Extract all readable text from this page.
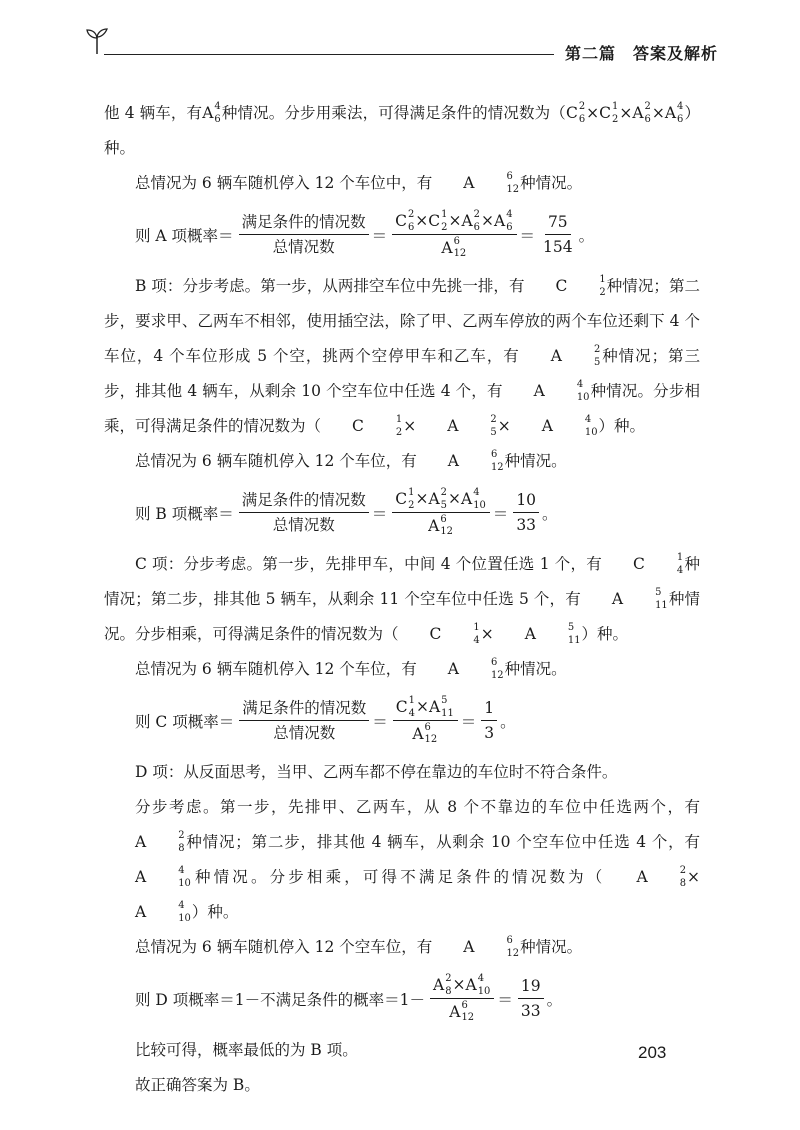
第二篇　答案及解析

他 4 辆车，有 A 4
6 种情况。分步用乘法，可得满足条件的情况数为（ C 2
6 × C 1
2 × A 2
6 × A 4
6 ）种。

总情况为 6 辆车随机停入 12 个车位中，有	A	6
12 种情况。

则 A 项概率＝ $\frac{\text{满足条件的情况数}}{\text{总情况数}} = C$ 2
6 × C 1
2 × A 2
6 × A 4
6
A 6
$12 = \frac{75}{154}$ 。

B 项：分步考虑。第一步，从两排空车位中先挑一排，有	C	1
2 种情况；第二步，要求甲、乙两车不相邻，使用插空法，除了甲、乙两车停放的两个车位还剩下 4 个车位，4 个车位形成 5 个空，挑两个空停甲车和乙车，有	A	2
5 种情况；第三步，排其他 4 辆车，从剩余 10 个空车位中任选 4 个，有	A	4
10 种情况。分步相乘，可得满足条件的情况数为（	C	1
2 ×	A	2
5 ×	A	4
10 ）种。

总情况为 6 辆车随机停入 12 个车位，有	A	6
12 种情况。

则 B 项概率＝ $\frac{\text{满足条件的情况数}}{\text{总情况数}} = C$ 1
2 × A 2
5 × A 4
10
A 6
$12 = \frac{10}{33}$ 。

C 项：分步考虑。第一步，先排甲车，中间 4 个位置任选 1 个，有	C	1
4 种情况；第二步，排其他 5 辆车，从剩余 11 个空车位中任选 5 个，有	A	5
11 种情况。分步相乘，可得满足条件的情况数为（	C	1
4 ×	A	5
11 ）种。

总情况为 6 辆车随机停入 12 个车位，有	A	6
12 种情况。

则 C 项概率＝ $\frac{\text{满足条件的情况数}}{\text{总情况数}} = C$ 1
4 × A 5
11
A 6
$12 = \frac{1}{3}$ 。

D 项：从反面思考，当甲、乙两车都不停在靠边的车位时不符合条件。

分步考虑。第一步，先排甲、乙两车，从 8 个不靠边的车位中任选两个，有
A	2
8 种情况；第二步，排其他 4 辆车，从剩余 10 个空车位中任选 4 个，有
A	4
10 种情况。分步相乘，可得不满足条件的情况数为（	A	2
8 ×
A	4
10 ）种。

总情况为 6 辆车随机停入 12 个空车位，有	A	6
12 种情况。

则 D 项概率＝1－不满足条件的概率＝1－ A 2
8 × A 4
10
A 6
$12 = \frac{19}{33}$ 。

比较可得，概率最低的为 B 项。

故正确答案为 B。

203
